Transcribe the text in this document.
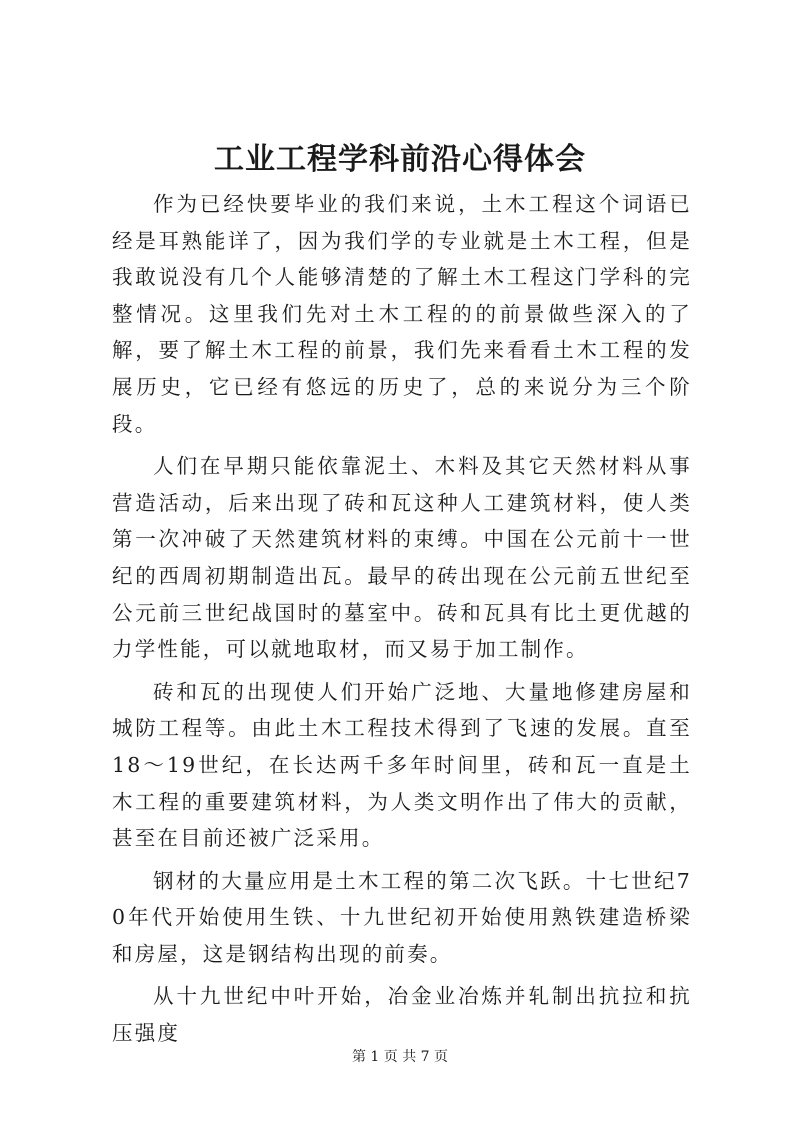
工业工程学科前沿心得体会

作为已经快要毕业的我们来说，土木工程这个词语已经是耳熟能详了，因为我们学的专业就是土木工程，但是我敢说没有几个人能够清楚的了解土木工程这门学科的完整情况。这里我们先对土木工程的的前景做些深入的了解，要了解土木工程的前景，我们先来看看土木工程的发展历史，它已经有悠远的历史了，总的来说分为三个阶段。

人们在早期只能依靠泥土、木料及其它天然材料从事营造活动，后来出现了砖和瓦这种人工建筑材料，使人类第一次冲破了天然建筑材料的束缚。中国在公元前十一世纪的西周初期制造出瓦。最早的砖出现在公元前五世纪至公元前三世纪战国时的墓室中。砖和瓦具有比土更优越的力学性能，可以就地取材，而又易于加工制作。

砖和瓦的出现使人们开始广泛地、大量地修建房屋和城防工程等。由此土木工程技术得到了飞速的发展。直至18～19世纪，在长达两千多年时间里，砖和瓦一直是土木工程的重要建筑材料，为人类文明作出了伟大的贡献，甚至在目前还被广泛采用。

钢材的大量应用是土木工程的第二次飞跃。十七世纪70年代开始使用生铁、十九世纪初开始使用熟铁建造桥梁和房屋，这是钢结构出现的前奏。

从十九世纪中叶开始，冶金业冶炼并轧制出抗拉和抗压强度

第 1 页 共 7 页
